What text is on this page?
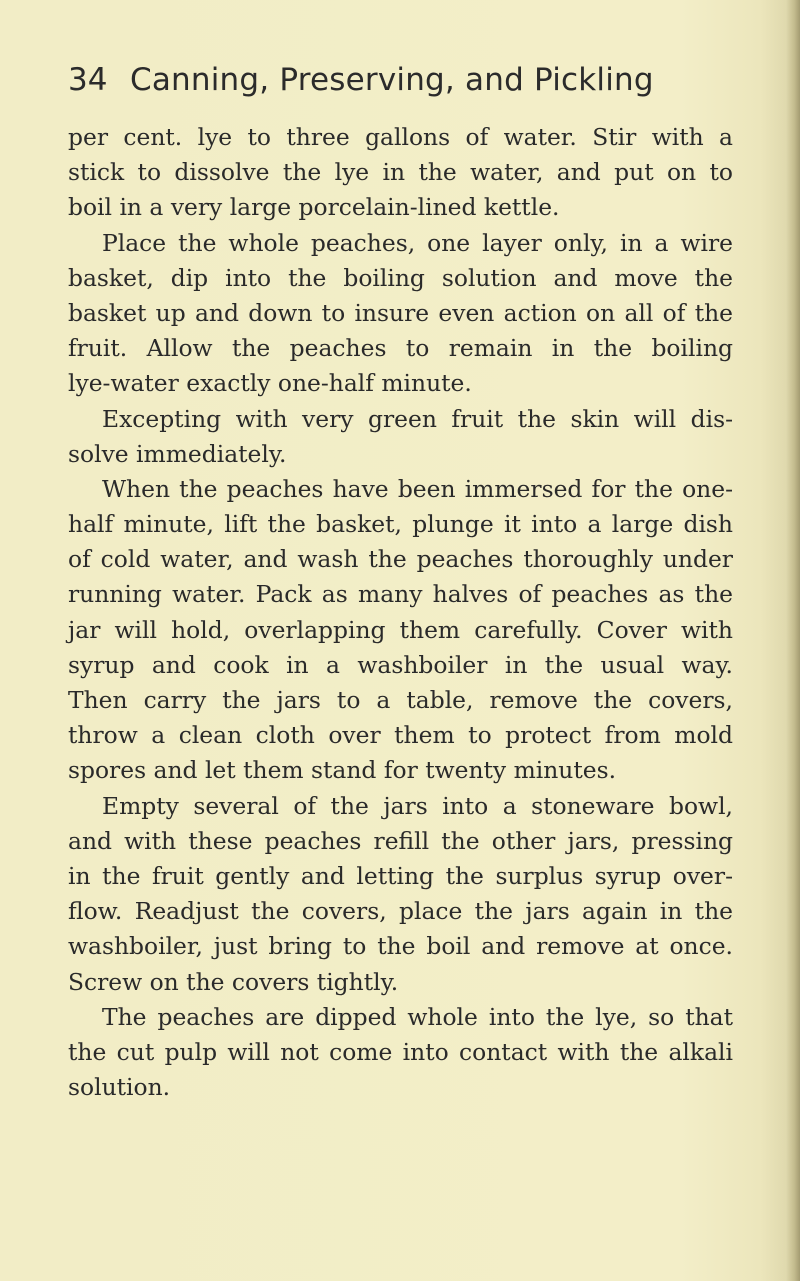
34 Canning, Preserving, and Pickling
per cent. lye to three gallons of water. Stir with a
stick to dissolve the lye in the water, and put on to
boil in a very large porcelain-lined kettle.
Place the whole peaches, one layer only, in a wire
basket, dip into the boiling solution and move the
basket up and down to insure even action on all of the
fruit. Allow the peaches to remain in the boiling
lye-water exactly one-half minute.
Excepting with very green fruit the skin will dis-
solve immediately.
When the peaches have been immersed for the one-
half minute, lift the basket, plunge it into a large dish
of cold water, and wash the peaches thoroughly under
running water. Pack as many halves of peaches as the
jar will hold, overlapping them carefully. Cover with
syrup and cook in a washboiler in the usual way.
Then carry the jars to a table, remove the covers,
throw a clean cloth over them to protect from mold
spores and let them stand for twenty minutes.
Empty several of the jars into a stoneware bowl,
and with these peaches refill the other jars, pressing
in the fruit gently and letting the surplus syrup over-
flow. Readjust the covers, place the jars again in the
washboiler, just bring to the boil and remove at once.
Screw on the covers tightly.
The peaches are dipped whole into the lye, so that
the cut pulp will not come into contact with the alkali
solution.
